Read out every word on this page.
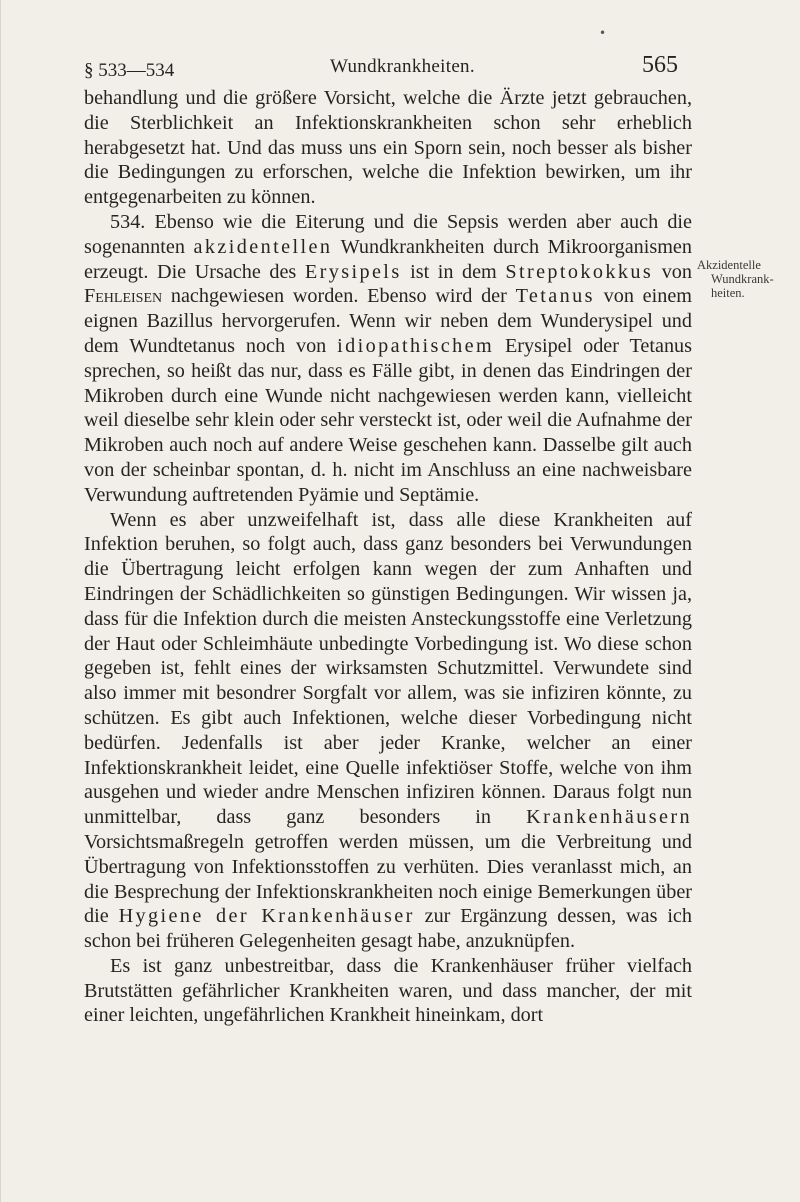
•
§ 533—534	Wundkrankheiten.	565
Akzidentelle

Wundkrank-
heiten.

behandlung und die größere Vorsicht, welche die Ärzte jetzt gebrauchen, die Sterblichkeit an Infektionskrankheiten schon sehr erheblich herabgesetzt hat. Und das muss uns ein Sporn sein, noch besser als bisher die Bedingungen zu erforschen, welche die Infektion bewirken, um ihr entgegenarbeiten zu können.

534. Ebenso wie die Eiterung und die Sepsis werden aber auch die sogenannten akzidentellen Wundkrankheiten durch Mikroorganismen erzeugt. Die Ursache des Erysipels ist in dem Streptokokkus von Fehleisen nachgewiesen worden. Ebenso wird der Tetanus von einem eignen Bazillus hervorgerufen. Wenn wir neben dem Wunderysipel und dem Wundtetanus noch von idiopathischem Erysipel oder Tetanus sprechen, so heißt das nur, dass es Fälle gibt, in denen das Eindringen der Mikroben durch eine Wunde nicht nachgewiesen werden kann, vielleicht weil dieselbe sehr klein oder sehr versteckt ist, oder weil die Aufnahme der Mikroben auch noch auf andere Weise geschehen kann. Dasselbe gilt auch von der scheinbar spontan, d. h. nicht im Anschluss an eine nachweisbare Verwundung auftretenden Pyämie und Septämie.

Wenn es aber unzweifelhaft ist, dass alle diese Krankheiten auf Infektion beruhen, so folgt auch, dass ganz besonders bei Verwundungen die Übertragung leicht erfolgen kann wegen der zum Anhaften und Eindringen der Schädlichkeiten so günstigen Bedingungen. Wir wissen ja, dass für die Infektion durch die meisten Ansteckungsstoffe eine Verletzung der Haut oder Schleimhäute unbedingte Vorbedingung ist. Wo diese schon gegeben ist, fehlt eines der wirksamsten Schutzmittel. Verwundete sind also immer mit besondrer Sorgfalt vor allem, was sie infiziren könnte, zu schützen. Es gibt auch Infektionen, welche dieser Vorbedingung nicht bedürfen. Jedenfalls ist aber jeder Kranke, welcher an einer Infektionskrankheit leidet, eine Quelle infektiöser Stoffe, welche von ihm ausgehen und wieder andre Menschen infiziren können. Daraus folgt nun unmittelbar, dass ganz besonders in Krankenhäusern Vorsichtsmaßregeln getroffen werden müssen, um die Verbreitung und Übertragung von Infektionsstoffen zu verhüten. Dies veranlasst mich, an die Besprechung der Infektionskrankheiten noch einige Bemerkungen über die Hygiene der Krankenhäuser zur Ergänzung dessen, was ich schon bei früheren Gelegenheiten gesagt habe, anzuknüpfen.

Es ist ganz unbestreitbar, dass die Krankenhäuser früher vielfach Brutstätten gefährlicher Krankheiten waren, und dass mancher, der mit einer leichten, ungefährlichen Krankheit hineinkam, dort
